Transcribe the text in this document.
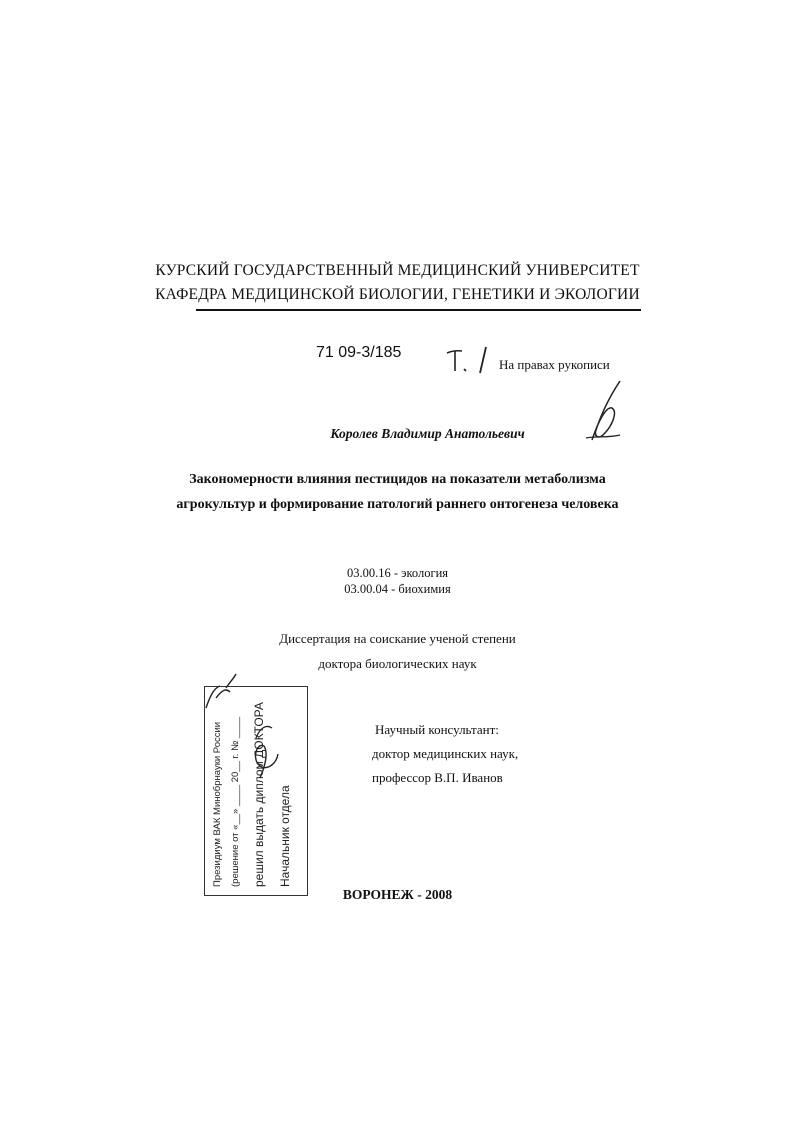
КУРСКИЙ ГОСУДАРСТВЕННЫЙ МЕДИЦИНСКИЙ УНИВЕРСИТЕТ
КАФЕДРА МЕДИЦИНСКОЙ БИОЛОГИИ, ГЕНЕТИКИ И ЭКОЛОГИИ
71 09-3/185
На правах рукописи
Королев Владимир Анатольевич
Закономерности влияния пестицидов на показатели метаболизма
агрокультур и формирование патологий раннего онтогенеза человека
03.00.16 - экология
03.00.04 - биохимия
Диссертация на соискание ученой степени
доктора биологических наук
Научный консультант:
доктор медицинских наук,
профессор В.П. Иванов
ВОРОНЕЖ - 2008
Президиум ВАК Минобрнауки России (решение от «__» ____ 20__ г. № ____ решил выдать диплом ДОКТОРА Начальник отдела
